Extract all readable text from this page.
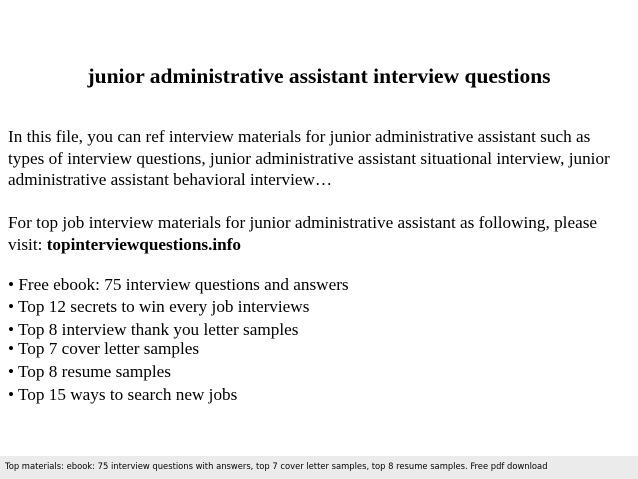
junior administrative assistant interview questions

In this file, you can ref interview materials for junior administrative assistant such as types of interview questions, junior administrative assistant situational interview, junior administrative assistant behavioral interview…

For top job interview materials for junior administrative assistant as following, please visit: topinterviewquestions.info

• Free ebook: 75 interview questions and answers
• Top 12 secrets to win every job interviews
• Top 8 interview thank you letter samples
• Top 7 cover letter samples
• Top 8 resume samples
• Top 15 ways to search new jobs
Top materials: ebook: 75 interview questions with answers, top 7 cover letter samples, top 8 resume samples. Free pdf download
